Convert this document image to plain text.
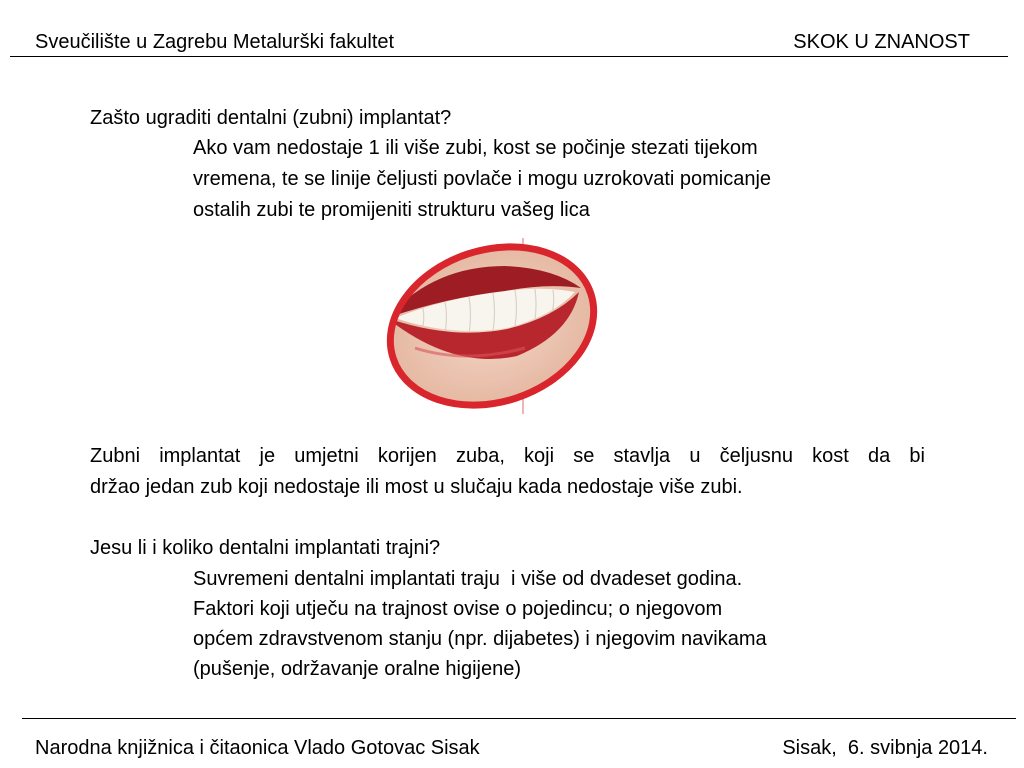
Sveučilište u Zagrebu Metalurški fakultet	SKOK U ZNANOST
Zašto ugraditi dentalni (zubni) implantat?
Ako vam nedostaje 1 ili više zubi, kost se počinje stezati tijekom
vremena, te se linije čeljusti povlače i mogu uzrokovati pomicanje
ostalih zubi te promijeniti strukturu vašeg lica
Zubni implantat je umjetni korijen zuba, koji se stavlja u čeljusnu kost da bi
držao jedan zub koji nedostaje ili most u slučaju kada nedostaje više zubi.
Jesu li i koliko dentalni implantati trajni?
Suvremeni dentalni implantati traju  i više od dvadeset godina.
Faktori koji utječu na trajnost ovise o pojedincu; o njegovom
općem zdravstvenom stanju (npr. dijabetes) i njegovim navikama
(pušenje, održavanje oralne higijene)
Narodna knjižnica i čitaonica Vlado Gotovac Sisak	Sisak,  6. svibnja 2014.
